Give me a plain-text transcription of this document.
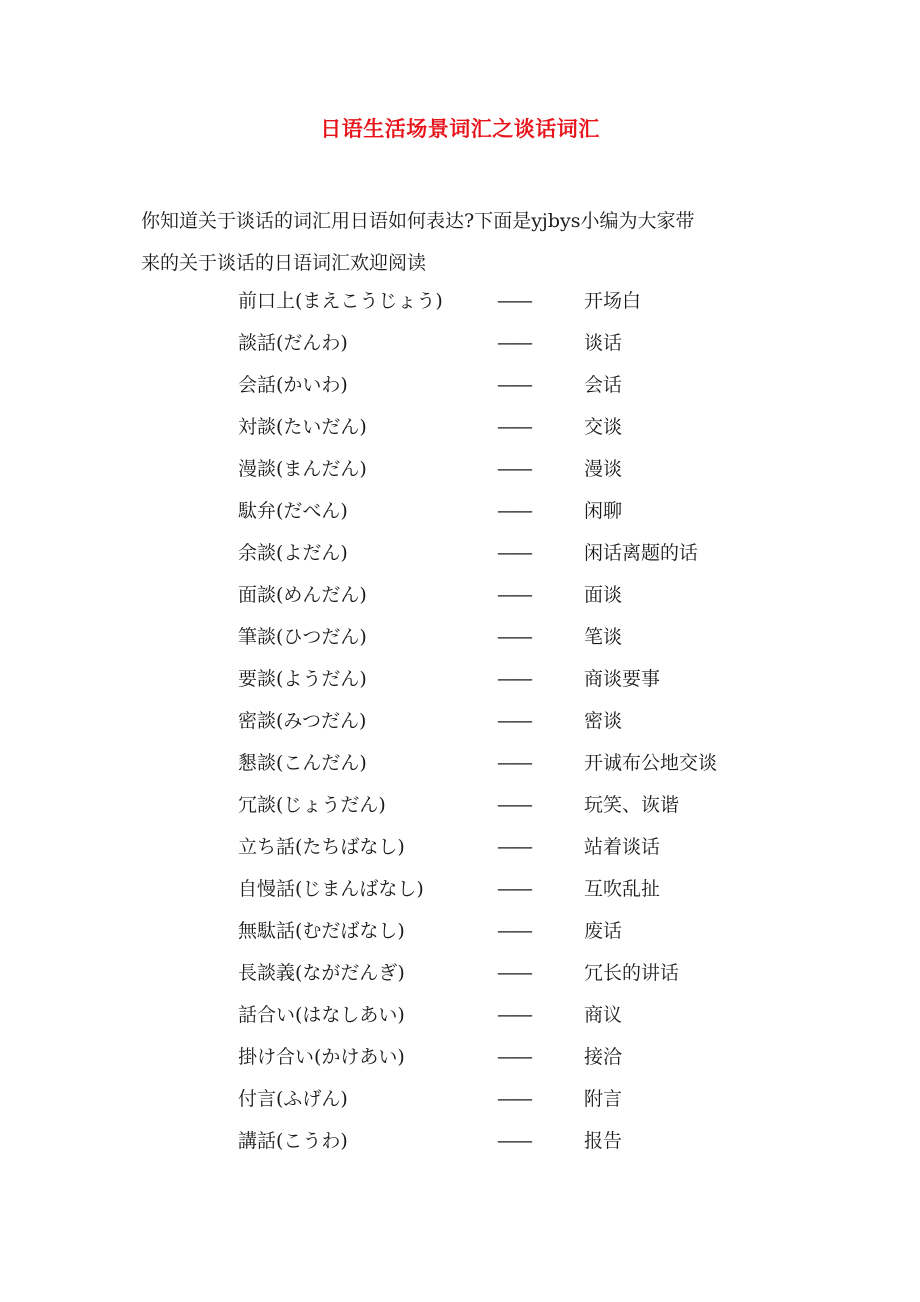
日语生活场景词汇之谈话词汇
你知道关于谈话的词汇用日语如何表达?下面是yjbys小编为大家带
来的关于谈话的日语词汇欢迎阅读
前口上(まえこうじょう)	——	开场白
談話(だんわ)	——	谈话
会話(かいわ)	——	会话
対談(たいだん)	——	交谈
漫談(まんだん)	——	漫谈
駄弁(だべん)	——	闲聊
余談(よだん)	——	闲话离题的话
面談(めんだん)	——	面谈
筆談(ひつだん)	——	笔谈
要談(ようだん)	——	商谈要事
密談(みつだん)	——	密谈
懇談(こんだん)	——	开诚布公地交谈
冗談(じょうだん)	——	玩笑、诙谐
立ち話(たちばなし)	——	站着谈话
自慢話(じまんばなし)	——	互吹乱扯
無駄話(むだばなし)	——	废话
長談義(ながだんぎ)	——	冗长的讲话
話合い(はなしあい)	——	商议
掛け合い(かけあい)	——	接洽
付言(ふげん)	——	附言
講話(こうわ)	——	报告
